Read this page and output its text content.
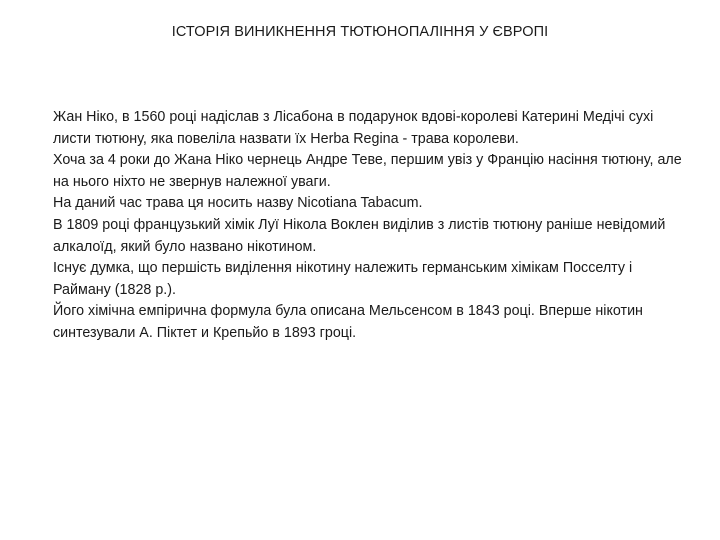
ІСТОРІЯ ВИНИКНЕННЯ ТЮТЮНОПАЛІННЯ У ЄВРОПІ

Жан Ніко, в 1560 році надіслав з Лісабона в подарунок вдові-королеві Катерині Медічі сухі листи тютюну, яка повеліла назвати їх Herba Regina - трава королеви.

Хоча за 4 роки до Жана Ніко чернець Андре Теве, першим увіз у Францію насіння тютюну, але на нього ніхто не звернув належної уваги.

На даний час трава ця носить назву Nicotiana Tabacum.

В 1809 році французький хімік Луї Нікола Воклен виділив з листів тютюну раніше невідомий алкалоїд, який було названо нікотином.

Існує думка, що першість виділення нікотину належить германським хімікам Посселту і Райману (1828 р.).

Його хімічна емпірична формула була описана Мельсенсом в 1843 році. Вперше нікотин синтезували А. Піктет и Крепьйо в 1893 гроці.
